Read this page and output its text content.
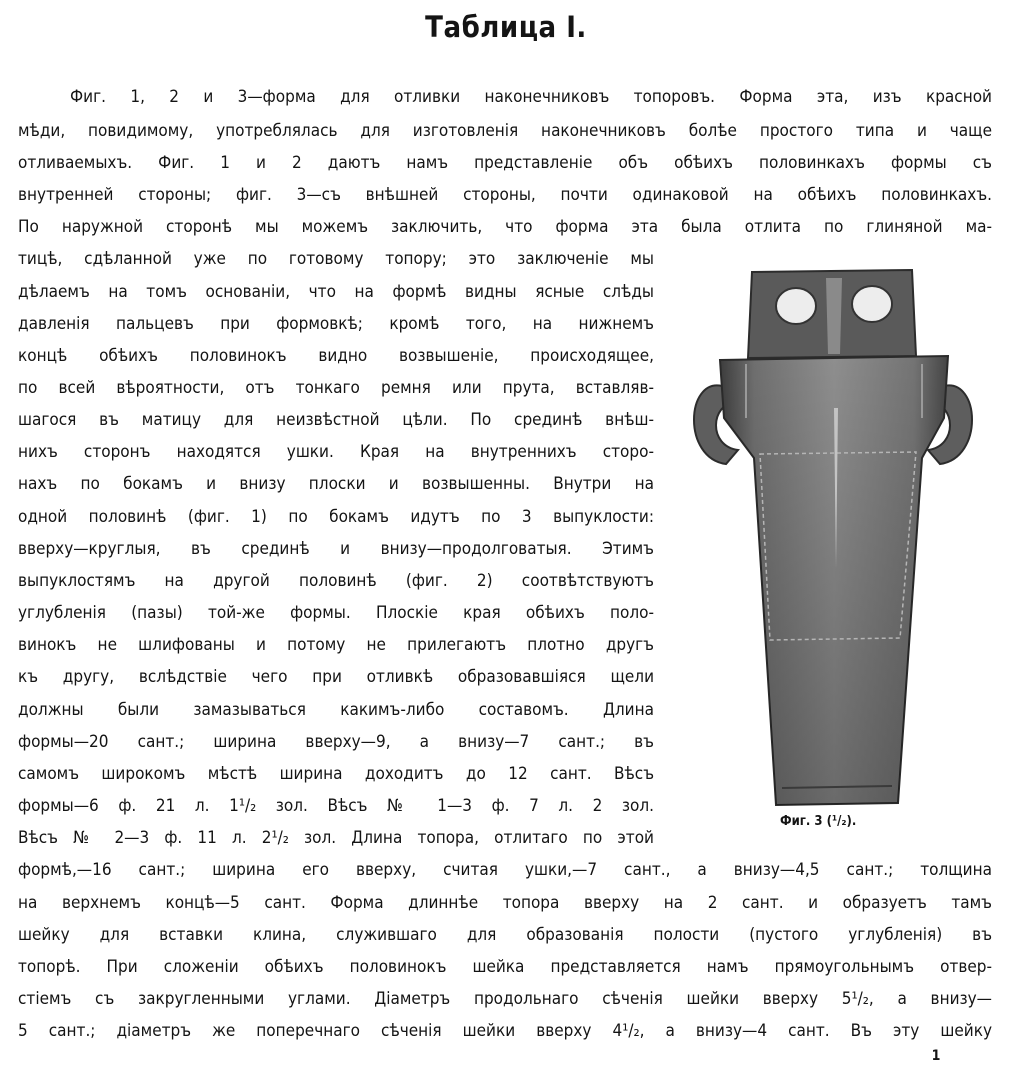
Таблица I.
Фиг. 1, 2 и 3—форма для отливки наконечниковъ топоровъ. Форма эта, изъ красной
мѣди, повидимому, употреблялась для изготовленія наконечниковъ болѣе простого типа и чаще
отливаемыхъ. Фиг. 1 и 2 даютъ намъ представленіе объ обѣихъ половинкахъ формы съ
внутренней стороны; фиг. 3—съ внѣшней стороны, почти одинаковой на обѣихъ половинкахъ.
По наружной сторонѣ мы можемъ заключить, что форма эта была отлита по глиняной ма-
тицѣ, сдѣланной уже по готовому топору; это заключеніе мы
дѣлаемъ на томъ основаніи, что на формѣ видны ясные слѣды
давленія пальцевъ при формовкѣ; кромѣ того, на нижнемъ
концѣ обѣихъ половинокъ видно возвышеніе, происходящее,
по всей вѣроятности, отъ тонкаго ремня или прута, вставляв-
шагося въ матицу для неизвѣстной цѣли. По срединѣ внѣш-
нихъ сторонъ находятся ушки. Края на внутреннихъ сторо-
нахъ по бокамъ и внизу плоски и возвышенны. Внутри на
одной половинѣ (фиг. 1) по бокамъ идутъ по 3 выпуклости:
вверху—круглыя, въ срединѣ и внизу—продолговатыя. Этимъ
выпуклостямъ на другой половинѣ (фиг. 2) соотвѣтствуютъ
углубленія (пазы) той-же формы. Плоскіе края обѣихъ поло-
винокъ не шлифованы и потому не прилегаютъ плотно другъ
къ другу, вслѣдствіе чего при отливкѣ образовавшіяся щели
должны были замазываться какимъ-либо составомъ. Длина
формы—20 сант.; ширина вверху—9, а внизу—7 сант.; въ
самомъ широкомъ мѣстѣ ширина доходитъ до 12 сант. Вѣсъ
формы—6 ф. 21 л. 1¹/₂ зол. Вѣсъ № 1—3 ф. 7 л. 2 зол.
Вѣсъ № 2—3 ф. 11 л. 2¹/₂ зол. Длина топора, отлитаго по этой
формѣ,—16 сант.; ширина его вверху, считая ушки,—7 сант., а внизу—4,5 сант.; толщина
на верхнемъ концѣ—5 сант. Форма длиннѣе топора вверху на 2 сант. и образуетъ тамъ
шейку для вставки клина, служившаго для образованія полости (пустого углубленія) въ
топорѣ. При сложеніи обѣихъ половинокъ шейка представляется намъ прямоугольнымъ отвер-
стіемъ съ закругленными углами. Діаметръ продольнаго сѣченія шейки вверху 5¹/₂, а внизу—
5 сант.; діаметръ же поперечнаго сѣченія шейки вверху 4¹/₂, а внизу—4 сант. Въ эту шейку
Фиг. 3 (¹/₂).
1
